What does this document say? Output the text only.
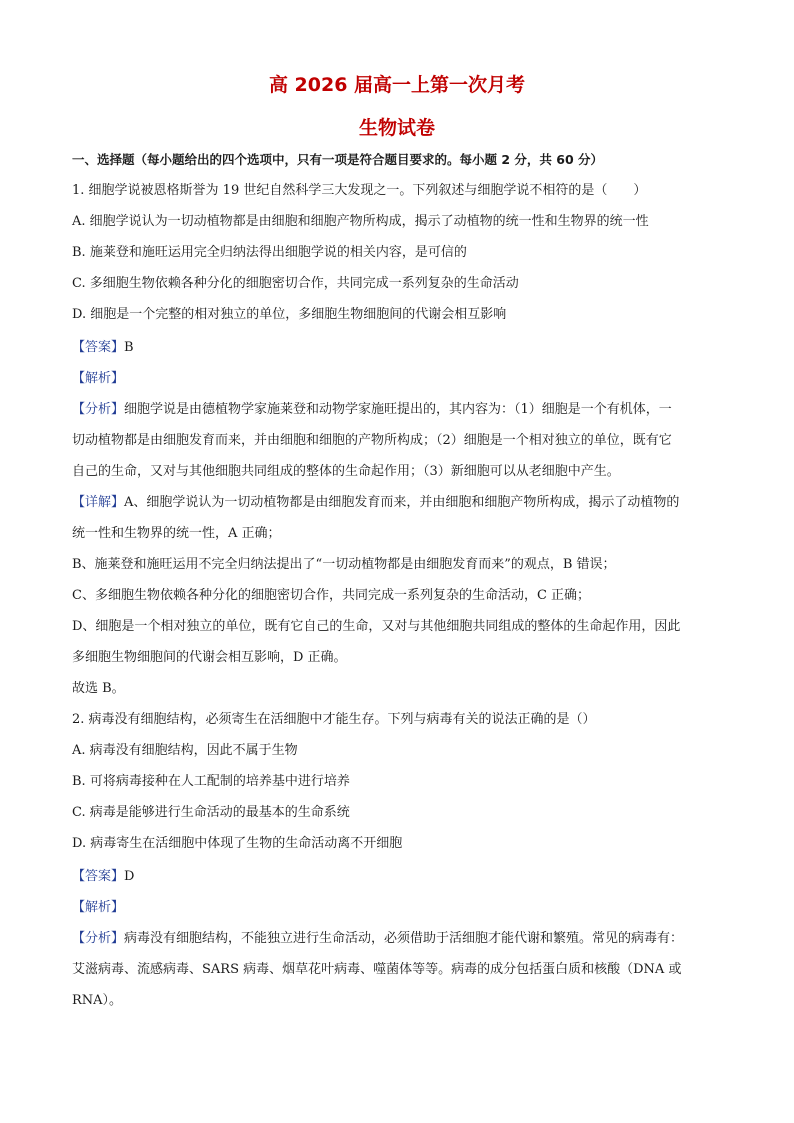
高 2026 届高一上第一次月考
生物试卷
一、选择题（每小题给出的四个选项中，只有一项是符合题目要求的。每小题 2 分，共 60 分）
1. 细胞学说被恩格斯誉为 19 世纪自然科学三大发现之一。下列叙述与细胞学说不相符的是（　　）
A. 细胞学说认为一切动植物都是由细胞和细胞产物所构成，揭示了动植物的统一性和生物界的统一性
B. 施莱登和施旺运用完全归纳法得出细胞学说的相关内容，是可信的
C. 多细胞生物依赖各种分化的细胞密切合作，共同完成一系列复杂的生命活动
D. 细胞是一个完整的相对独立的单位，多细胞生物细胞间的代谢会相互影响
【答案】B
【解析】
【分析】细胞学说是由德植物学家施莱登和动物学家施旺提出的，其内容为：（1）细胞是一个有机体，一
切动植物都是由细胞发育而来，并由细胞和细胞的产物所构成；（2）细胞是一个相对独立的单位，既有它
自己的生命，又对与其他细胞共同组成的整体的生命起作用；（3）新细胞可以从老细胞中产生。
【详解】A、细胞学说认为一切动植物都是由细胞发育而来，并由细胞和细胞产物所构成，揭示了动植物的
统一性和生物界的统一性，A 正确；
B、施莱登和施旺运用不完全归纳法提出了“一切动植物都是由细胞发育而来”的观点，B 错误；
C、多细胞生物依赖各种分化的细胞密切合作，共同完成一系列复杂的生命活动，C 正确；
D、细胞是一个相对独立的单位，既有它自己的生命，又对与其他细胞共同组成的整体的生命起作用，因此
多细胞生物细胞间的代谢会相互影响，D 正确。
故选 B。
2. 病毒没有细胞结构，必须寄生在活细胞中才能生存。下列与病毒有关的说法正确的是（）
A. 病毒没有细胞结构，因此不属于生物
B. 可将病毒接种在人工配制的培养基中进行培养
C. 病毒是能够进行生命活动的最基本的生命系统
D. 病毒寄生在活细胞中体现了生物的生命活动离不开细胞
【答案】D
【解析】
【分析】病毒没有细胞结构，不能独立进行生命活动，必须借助于活细胞才能代谢和繁殖。常见的病毒有：
艾滋病毒、流感病毒、SARS 病毒、烟草花叶病毒、噬菌体等等。病毒的成分包括蛋白质和核酸（DNA 或
RNA）。
